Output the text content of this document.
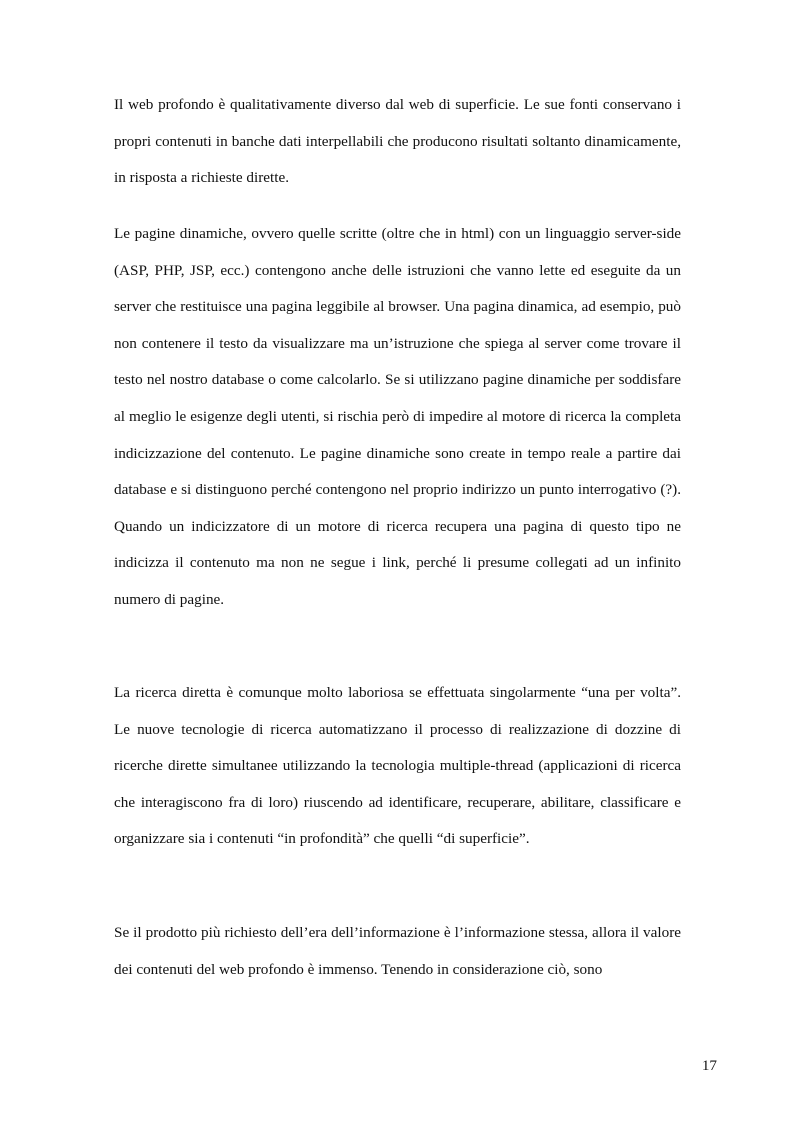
Il web profondo è qualitativamente diverso dal web di superficie. Le sue fonti conservano i propri contenuti in banche dati interpellabili che producono risultati soltanto dinamicamente, in risposta a richieste dirette.

Le pagine dinamiche, ovvero quelle scritte (oltre che in html) con un linguaggio server-side (ASP, PHP, JSP, ecc.) contengono anche delle istruzioni che vanno lette ed eseguite da un server che restituisce una pagina leggibile al browser. Una pagina dinamica, ad esempio, può non contenere il testo da visualizzare ma un’istruzione che spiega al server come trovare il testo nel nostro database o come calcolarlo. Se si utilizzano pagine dinamiche per soddisfare al meglio le esigenze degli utenti, si rischia però di impedire al motore di ricerca la completa indicizzazione del contenuto. Le pagine dinamiche sono create in tempo reale a partire dai database e si distinguono perché contengono nel proprio indirizzo un punto interrogativo (?). Quando un indicizzatore di un motore di ricerca recupera una pagina di questo tipo ne indicizza il contenuto ma non ne segue i link, perché li presume collegati ad un infinito numero di pagine.

La ricerca diretta è comunque molto laboriosa se effettuata singolarmente “una per volta”. Le nuove tecnologie di ricerca automatizzano il processo di realizzazione di dozzine di ricerche dirette simultanee utilizzando la tecnologia multiple-thread (applicazioni di ricerca che interagiscono fra di loro) riuscendo ad identificare, recuperare, abilitare, classificare e organizzare sia i contenuti “in profondità” che quelli “di superficie”.

Se il prodotto più richiesto dell’era dell’informazione è l’informazione stessa, allora il valore dei contenuti del web profondo è immenso. Tenendo in considerazione ciò, sono

17
